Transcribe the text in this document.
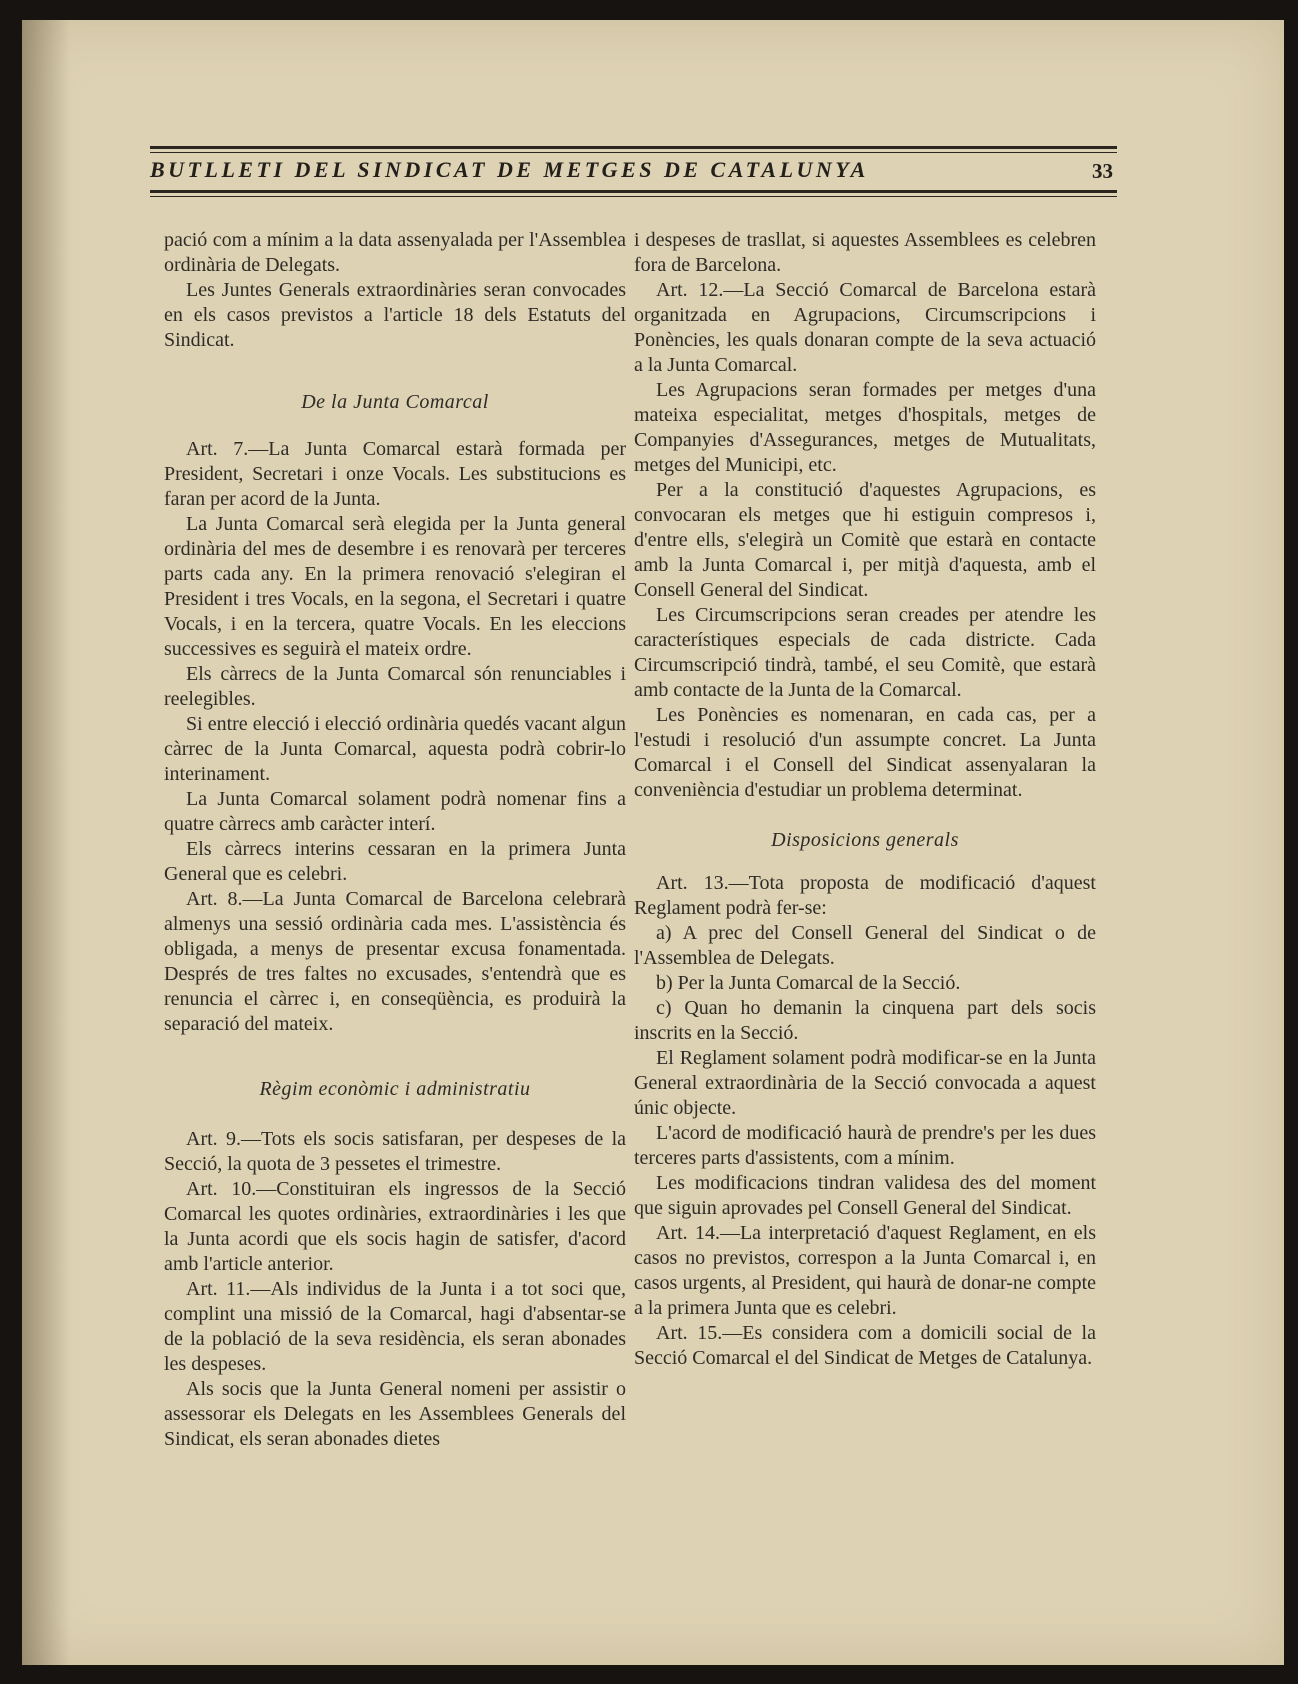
BUTLLETI DEL SINDICAT DE METGES DE CATALUNYA	33

pació com a mínim a la data assenyalada per l'Assemblea ordinària de Delegats.

Les Juntes Generals extraordinàries seran convocades en els casos previstos a l'article 18 dels Estatuts del Sindicat.

De la Junta Comarcal

Art. 7.—La Junta Comarcal estarà formada per President, Secretari i onze Vocals. Les substitucions es faran per acord de la Junta.

La Junta Comarcal serà elegida per la Junta general ordinària del mes de desembre i es renovarà per terceres parts cada any. En la primera renovació s'elegiran el President i tres Vocals, en la segona, el Secretari i quatre Vocals, i en la tercera, quatre Vocals. En les eleccions successives es seguirà el mateix ordre.

Els càrrecs de la Junta Comarcal són renunciables i reelegibles.

Si entre elecció i elecció ordinària quedés vacant algun càrrec de la Junta Comarcal, aquesta podrà cobrir-lo interinament.

La Junta Comarcal solament podrà nomenar fins a quatre càrrecs amb caràcter interí.

Els càrrecs interins cessaran en la primera Junta General que es celebri.

Art. 8.—La Junta Comarcal de Barcelona celebrarà almenys una sessió ordinària cada mes. L'assistència és obligada, a menys de presentar excusa fonamentada. Després de tres faltes no excusades, s'entendrà que es renuncia el càrrec i, en conseqüència, es produirà la separació del mateix.

Règim econòmic i administratiu

Art. 9.—Tots els socis satisfaran, per despeses de la Secció, la quota de 3 pessetes el trimestre.

Art. 10.—Constituiran els ingressos de la Secció Comarcal les quotes ordinàries, extraordinàries i les que la Junta acordi que els socis hagin de satisfer, d'acord amb l'article anterior.

Art. 11.—Als individus de la Junta i a tot soci que, complint una missió de la Comarcal, hagi d'absentar-se de la població de la seva residència, els seran abonades les despeses.

Als socis que la Junta General nomeni per assistir o assessorar els Delegats en les Assemblees Generals del Sindicat, els seran abonades dietes

i despeses de trasllat, si aquestes Assemblees es celebren fora de Barcelona.

Art. 12.—La Secció Comarcal de Barcelona estarà organitzada en Agrupacions, Circumscripcions i Ponències, les quals donaran compte de la seva actuació a la Junta Comarcal.

Les Agrupacions seran formades per metges d'una mateixa especialitat, metges d'hospitals, metges de Companyies d'Assegurances, metges de Mutualitats, metges del Municipi, etc.

Per a la constitució d'aquestes Agrupacions, es convocaran els metges que hi estiguin compresos i, d'entre ells, s'elegirà un Comitè que estarà en contacte amb la Junta Comarcal i, per mitjà d'aquesta, amb el Consell General del Sindicat.

Les Circumscripcions seran creades per atendre les característiques especials de cada districte. Cada Circumscripció tindrà, també, el seu Comitè, que estarà amb contacte de la Junta de la Comarcal.

Les Ponències es nomenaran, en cada cas, per a l'estudi i resolució d'un assumpte concret. La Junta Comarcal i el Consell del Sindicat assenyalaran la conveniència d'estudiar un problema determinat.

Disposicions generals

Art. 13.—Tota proposta de modificació d'aquest Reglament podrà fer-se:

a) A prec del Consell General del Sindicat o de l'Assemblea de Delegats.

b) Per la Junta Comarcal de la Secció.

c) Quan ho demanin la cinquena part dels socis inscrits en la Secció.

El Reglament solament podrà modificar-se en la Junta General extraordinària de la Secció convocada a aquest únic objecte.

L'acord de modificació haurà de prendre's per les dues terceres parts d'assistents, com a mínim.

Les modificacions tindran validesa des del moment que siguin aprovades pel Consell General del Sindicat.

Art. 14.—La interpretació d'aquest Reglament, en els casos no previstos, correspon a la Junta Comarcal i, en casos urgents, al President, qui haurà de donar-ne compte a la primera Junta que es celebri.

Art. 15.—Es considera com a domicili social de la Secció Comarcal el del Sindicat de Metges de Catalunya.
